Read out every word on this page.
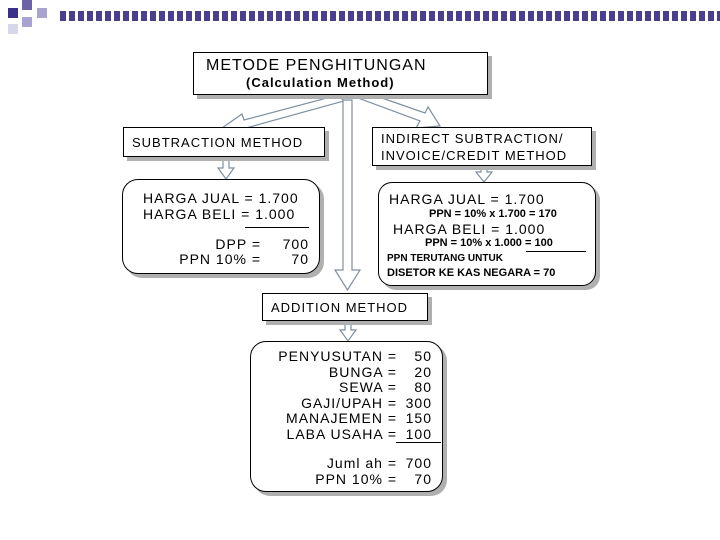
METODE PENGHITUNGAN
(Calculation Method)
SUBTRACTION METHOD
HARGA JUAL = 1.700
HARGA BELI = 1.000
DPP = 700
PPN 10% = 70
INDIRECT SUBTRACTION/
INVOICE/CREDIT METHOD
HARGA JUAL = 1.700
PPN = 10% x 1.700 = 170
HARGA BELI = 1.000
PPN = 10% x 1.000 = 100
PPN TERUTANG UNTUK
DISETOR KE KAS NEGARA = 70
ADDITION METHOD
PENYUSUTAN = 50
BUNGA = 20
SEWA = 80
GAJI/UPAH = 300
MANAJEMEN = 150
LABA USAHA = 100
Juml ah = 700
PPN 10% = 70
